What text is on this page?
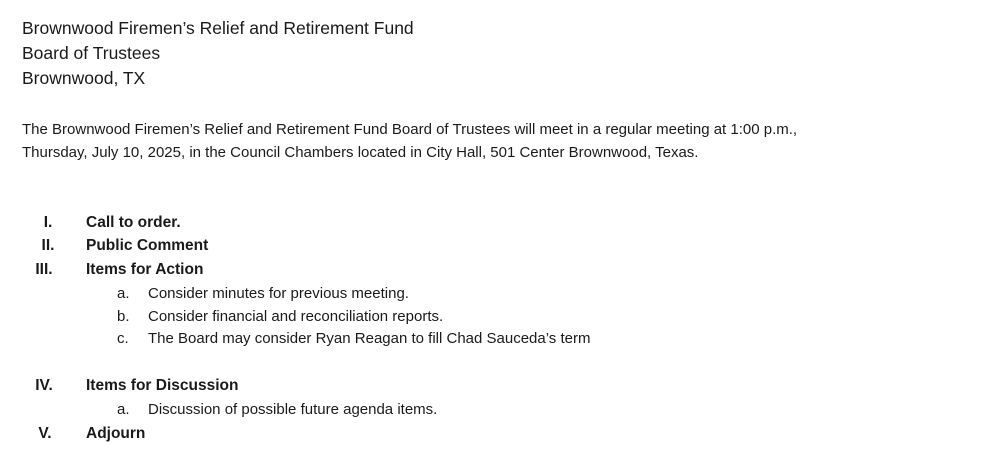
Brownwood Firemen’s Relief and Retirement Fund
Board of Trustees
Brownwood, TX
The Brownwood Firemen’s Relief and Retirement Fund Board of Trustees will meet in a regular meeting at 1:00 p.m.,
Thursday, July 10, 2025, in the Council Chambers located in City Hall, 501 Center Brownwood, Texas.
I.	Call to order.
II.	Public Comment
III.	Items for Action
a.	Consider minutes for previous meeting.
b.	Consider financial and reconciliation reports.
c.	The Board may consider Ryan Reagan to fill Chad Sauceda’s term
IV.	Items for Discussion
a.	Discussion of possible future agenda items.
V.	Adjourn
